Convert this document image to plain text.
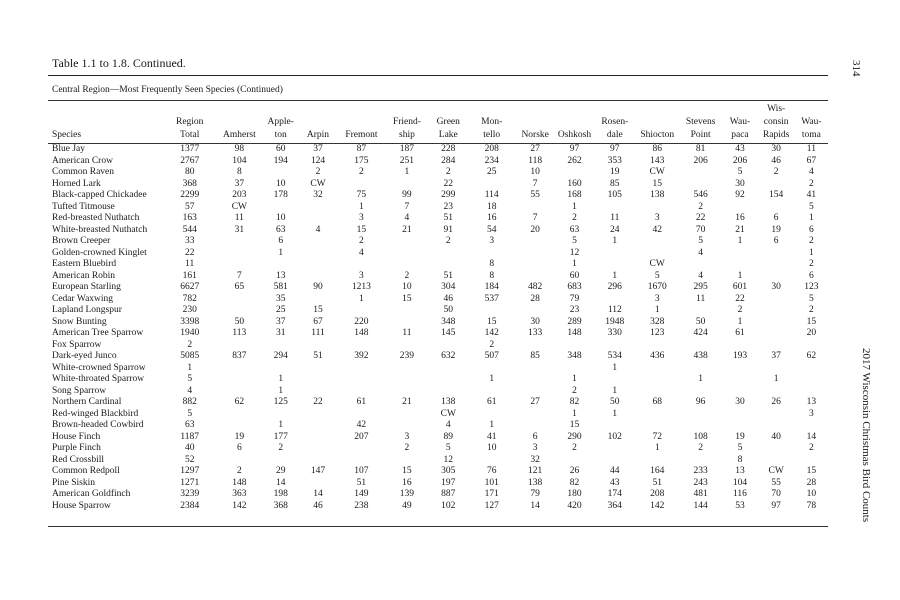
Table 1.1 to 1.8. Continued.
Central Region—Most Frequently Seen Species (Continued)
															Wis-	
	Region		Apple-			Friend-	Green	Mon-			Rosen-		Stevens	Wau-	consin	Wau-
Species	Total	Amherst	ton	Arpin	Fremont	ship	Lake	tello	Norske	Oshkosh	dale	Shiocton	Point	paca	Rapids	toma
Blue Jay	1377	98	60	37	87	187	228	208	27	97	97	86	81	43	30	11
American Crow	2767	104	194	124	175	251	284	234	118	262	353	143	206	206	46	67
Common Raven	80	8		2	2	1	2	25	10		19	CW		5	2	4
Horned Lark	368	37	10	CW			22		7	160	85	15		30		2
Black-capped Chickadee	2299	203	178	32	75	99	299	114	55	168	105	138	546	92	154	41
Tufted Titmouse	57	CW			1	7	23	18		1			2			5
Red-breasted Nuthatch	163	11	10		3	4	51	16	7	2	11	3	22	16	6	1
White-breasted Nuthatch	544	31	63	4	15	21	91	54	20	63	24	42	70	21	19	6
Brown Creeper	33		6		2		2	3		5	1		5	1	6	2
Golden-crowned Kinglet	22		1		4					12			4			1
Eastern Bluebird	11							8		1		CW				2
American Robin	161	7	13		3	2	51	8		60	1	5	4	1		6
European Starling	6627	65	581	90	1213	10	304	184	482	683	296	1670	295	601	30	123
Cedar Waxwing	782		35		1	15	46	537	28	79		3	11	22		5
Lapland Longspur	230		25	15			50			23	112	1		2		2
Snow Bunting	3398	50	37	67	220		348	15	30	289	1948	328	50	1		15
American Tree Sparrow	1940	113	31	111	148	11	145	142	133	148	330	123	424	61		20
Fox Sparrow	2							2								
Dark-eyed Junco	5085	837	294	51	392	239	632	507	85	348	534	436	438	193	37	62
White-crowned Sparrow	1										1					
White-throated Sparrow	5		1					1		1			1		1	
Song Sparrow	4		1							2	1					
Northern Cardinal	882	62	125	22	61	21	138	61	27	82	50	68	96	30	26	13
Red-winged Blackbird	5						CW			1	1					3
Brown-headed Cowbird	63		1		42		4	1		15						
House Finch	1187	19	177		207	3	89	41	6	290	102	72	108	19	40	14
Purple Finch	40	6	2			2	5	10	3	2		1	2	5		2
Red Crossbill	52						12		32					8		
Common Redpoll	1297	2	29	147	107	15	305	76	121	26	44	164	233	13	CW	15
Pine Siskin	1271	148	14		51	16	197	101	138	82	43	51	243	104	55	28
American Goldfinch	3239	363	198	14	149	139	887	171	79	180	174	208	481	116	70	10
House Sparrow	2384	142	368	46	238	49	102	127	14	420	364	142	144	53	97	78
314
2017 Wisconsin Christmas Bird Counts
